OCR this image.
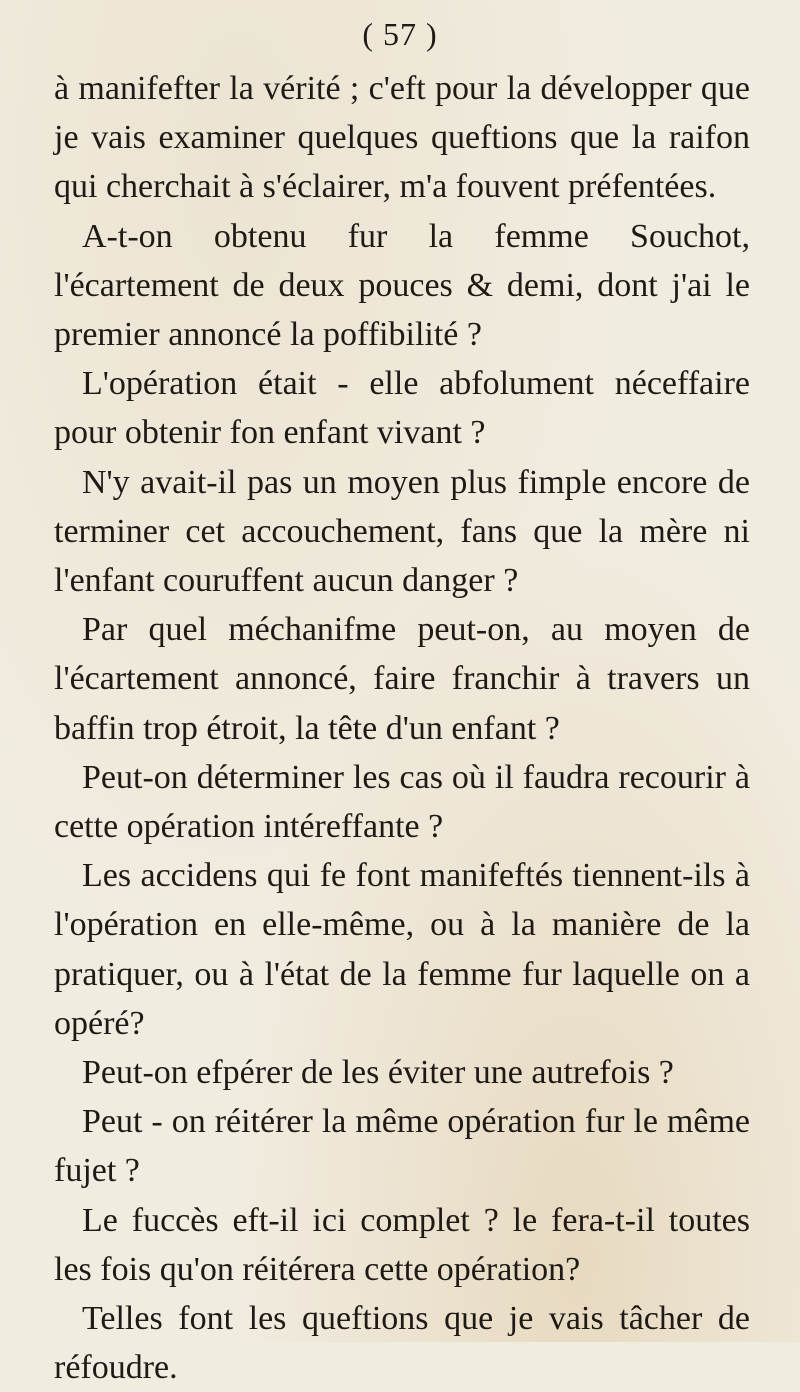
( 57 )

à manifefter la vérité ; c'eft pour la développer que je vais examiner quelques queftions que la raifon qui cherchait à s'éclairer, m'a fouvent préfentées.

A-t-on obtenu fur la femme Souchot, l'écartement de deux pouces & demi, dont j'ai le premier annoncé la poffibilité ?

L'opération était - elle abfolument néceffaire pour obtenir fon enfant vivant ?

N'y avait-il pas un moyen plus fimple encore de terminer cet accouchement, fans que la mère ni l'enfant couruffent aucun danger ?

Par quel méchanifme peut-on, au moyen de l'écartement annoncé, faire franchir à travers un baffin trop étroit, la tête d'un enfant ?

Peut-on déterminer les cas où il faudra recourir à cette opération intéreffante ?

Les accidens qui fe font manifeftés tiennent-ils à l'opération en elle-même, ou à la manière de la pratiquer, ou à l'état de la femme fur laquelle on a opéré?

Peut-on efpérer de les éviter une autrefois ?

Peut - on réitérer la même opération fur le même fujet ?

Le fuccès eft-il ici complet ? le fera-t-il toutes les fois qu'on réitérera cette opération?

Telles font les queftions que je vais tâcher de réfoudre.
